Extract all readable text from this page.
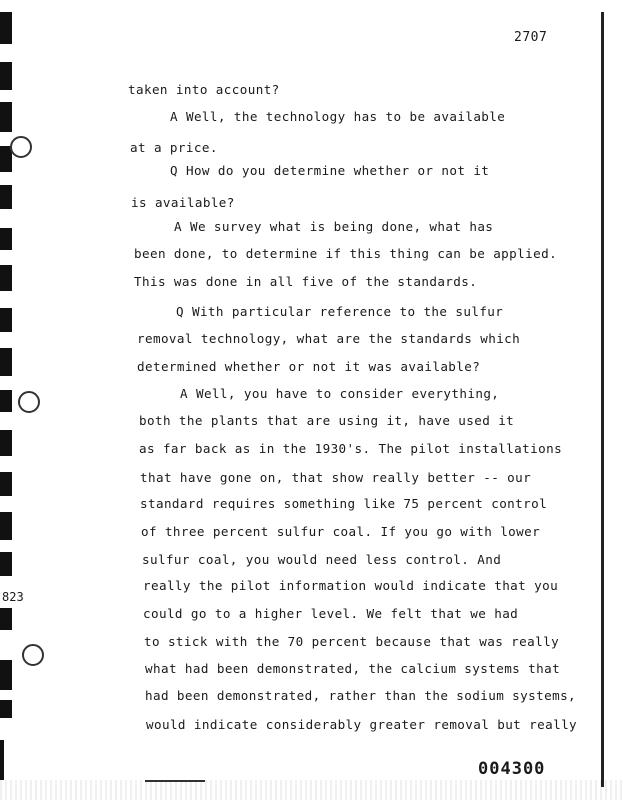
2707
823
taken into account?
A Well, the technology has to be available
at a price.
Q How do you determine whether or not it
is available?
A We survey what is being done, what has
been done, to determine if this thing can be applied.
This was done in all five of the standards.
Q With particular reference to the sulfur
removal technology, what are the standards which
determined whether or not it was available?
A Well, you have to consider everything,
both the plants that are using it, have used it
as far back as in the 1930's. The pilot installations
that have gone on, that show really better -- our
standard requires something like 75 percent control
of three percent sulfur coal. If you go with lower
sulfur coal, you would need less control. And
really the pilot information would indicate that you
could go to a higher level. We felt that we had
to stick with the 70 percent because that was really
what had been demonstrated, the calcium systems that
had been demonstrated, rather than the sodium systems,
would indicate considerably greater removal but really
004300
